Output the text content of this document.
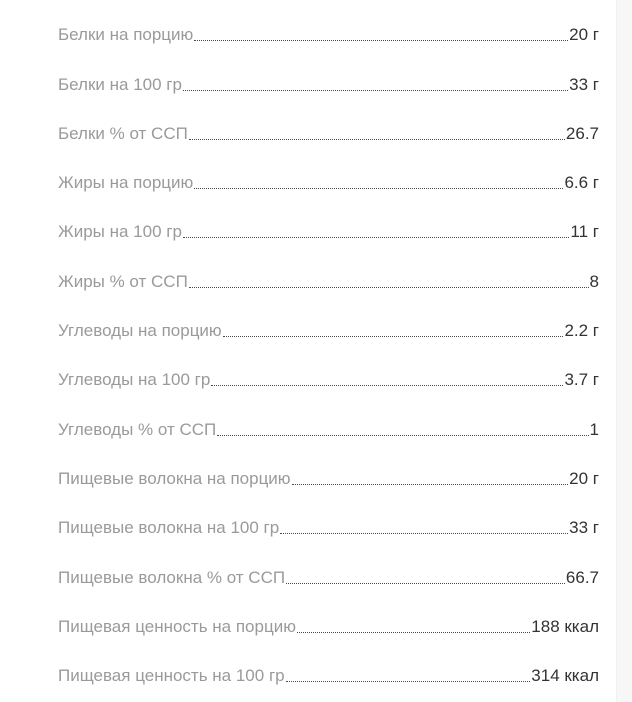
Белки на порцию	20 г
Белки на 100 гр	33 г
Белки % от ССП	26.7
Жиры на порцию	6.6 г
Жиры на 100 гр	11 г
Жиры % от ССП	8
Углеводы на порцию	2.2 г
Углеводы на 100 гр	3.7 г
Углеводы % от ССП	1
Пищевые волокна на порцию	20 г
Пищевые волокна на 100 гр	33 г
Пищевые волокна % от ССП	66.7
Пищевая ценность на порцию	188 ккал
Пищевая ценность на 100 гр	314 ккал
